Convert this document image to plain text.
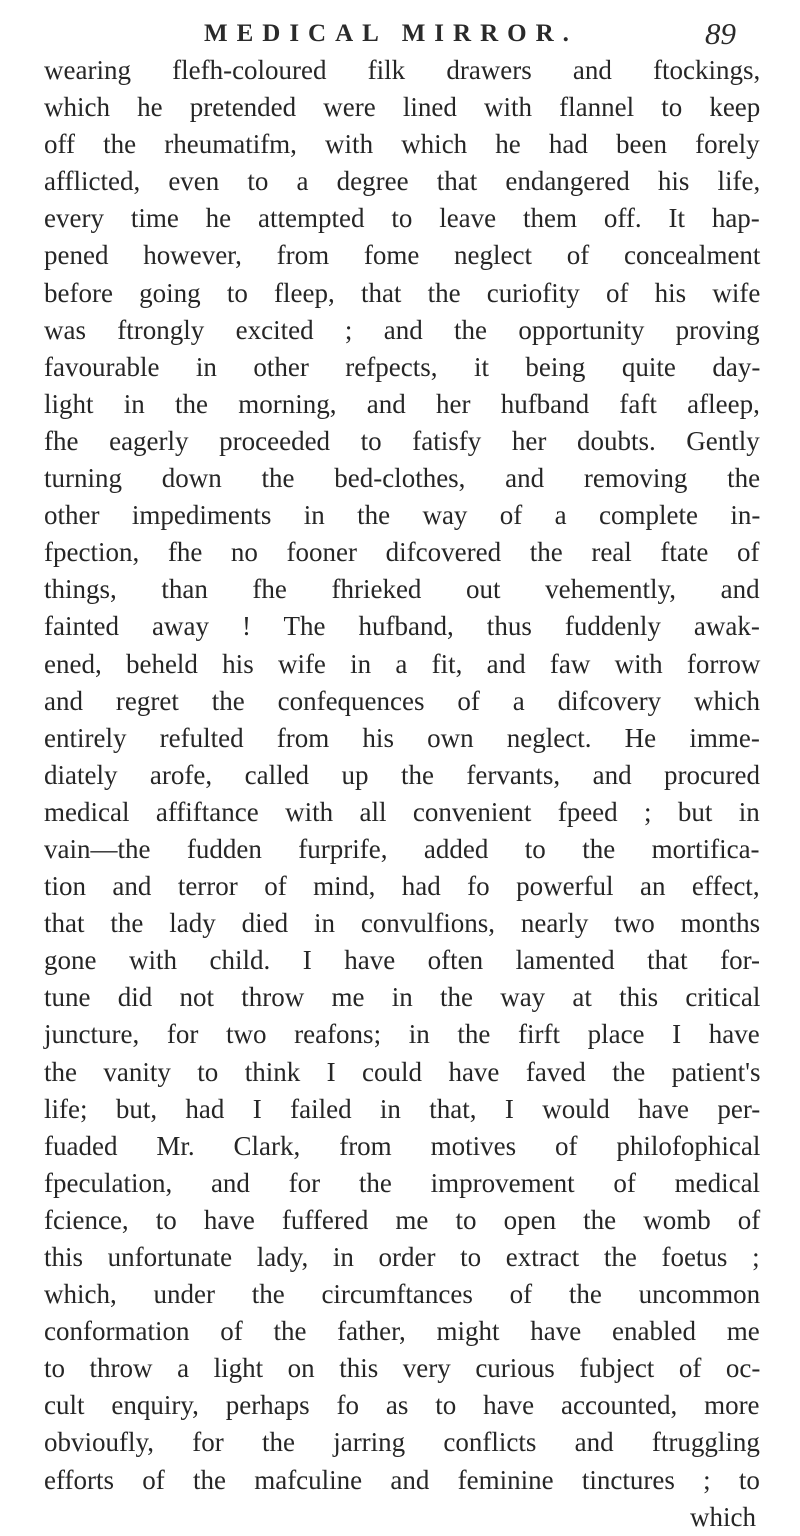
MEDICAL MIRROR.	89
wearing flefh-coloured filk drawers and ftockings,
which he pretended were lined with flannel to keep
off the rheumatifm, with which he had been forely
afflicted, even to a degree that endangered his life,
every time he attempted to leave them off. It hap-
pened however, from fome neglect of concealment
before going to fleep, that the curiofity of his wife
was ftrongly excited ; and the opportunity proving
favourable in other refpects, it being quite day-
light in the morning, and her hufband faft afleep,
fhe eagerly proceeded to fatisfy her doubts. Gently
turning down the bed-clothes, and removing the
other impediments in the way of a complete in-
fpection, fhe no fooner difcovered the real ftate of
things, than fhe fhrieked out vehemently, and
fainted away ! The hufband, thus fuddenly awak-
ened, beheld his wife in a fit, and faw with forrow
and regret the confequences of a difcovery which
entirely refulted from his own neglect. He imme-
diately arofe, called up the fervants, and procured
medical affiftance with all convenient fpeed ; but in
vain—the fudden furprife, added to the mortifica-
tion and terror of mind, had fo powerful an effect,
that the lady died in convulfions, nearly two months
gone with child. I have often lamented that for-
tune did not throw me in the way at this critical
juncture, for two reafons; in the firft place I have
the vanity to think I could have faved the patient's
life; but, had I failed in that, I would have per-
fuaded Mr. Clark, from motives of philofophical
fpeculation, and for the improvement of medical
fcience, to have fuffered me to open the womb of
this unfortunate lady, in order to extract the foetus ;
which, under the circumftances of the uncommon
conformation of the father, might have enabled me
to throw a light on this very curious fubject of oc-
cult enquiry, perhaps fo as to have accounted, more
obvioufly, for the jarring conflicts and ftruggling
efforts of the mafculine and feminine tinctures ; to
which
